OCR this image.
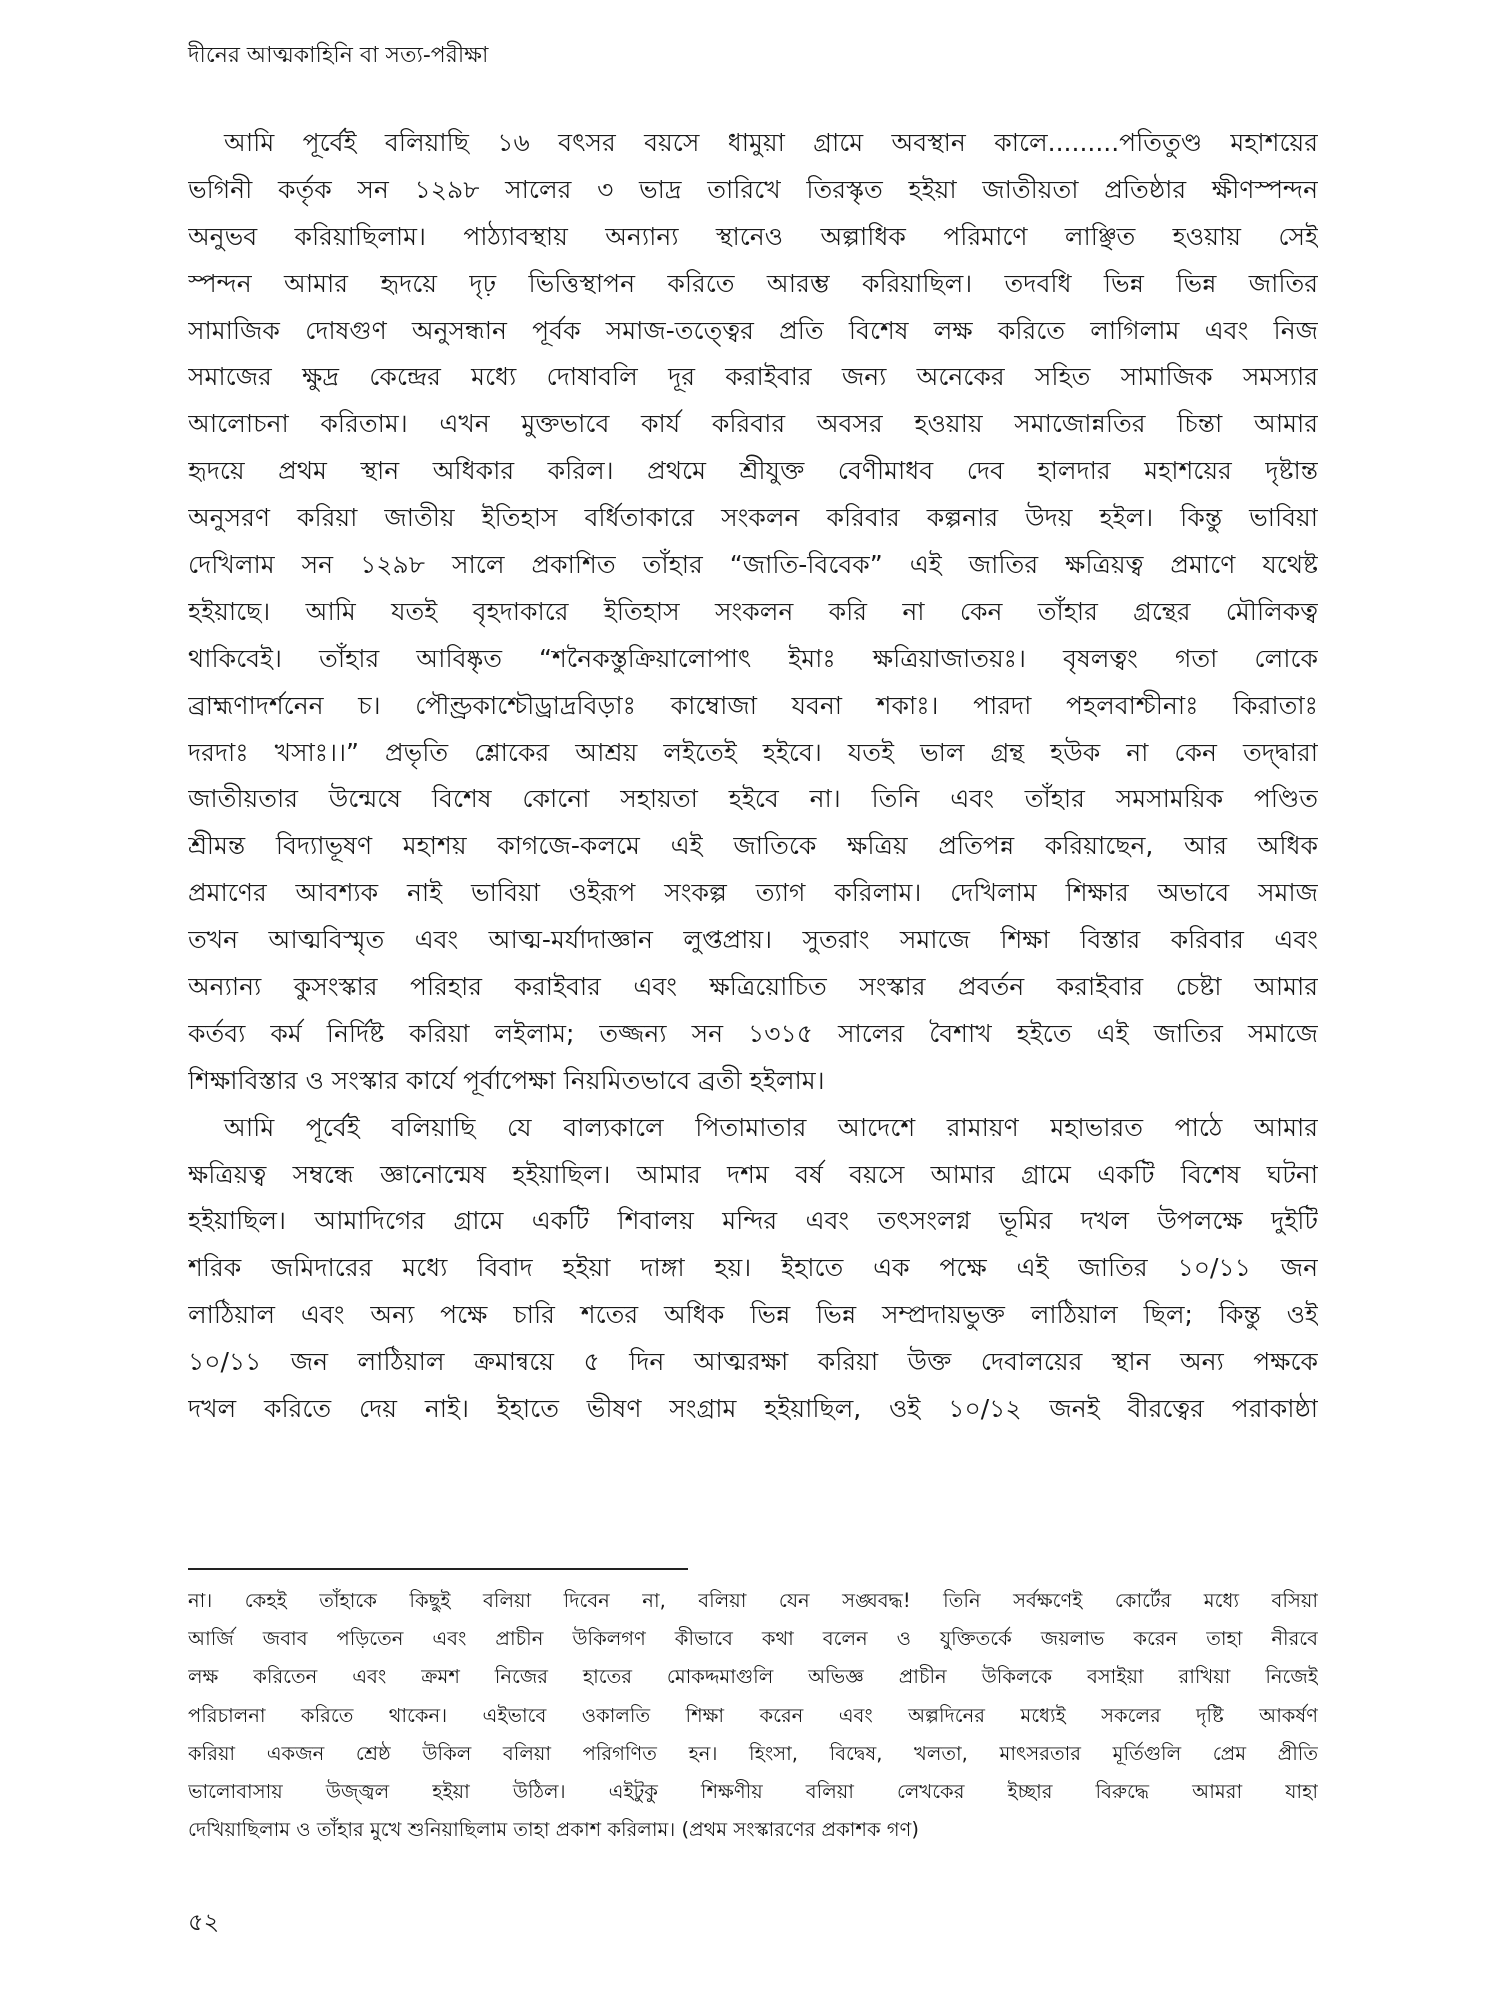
দীনের আত্মকাহিনি বা সত্য-পরীক্ষা
আমি পূর্বেই বলিয়াছি ১৬ বৎসর বয়সে ধামুয়া গ্রামে অবস্থান কালে.........পতিতুণ্ড মহাশয়ের
ভগিনী কর্তৃক সন ১২৯৮ সালের ৩ ভাদ্র তারিখে তিরস্কৃত হইয়া জাতীয়তা প্রতিষ্ঠার ক্ষীণস্পন্দন
অনুভব করিয়াছিলাম। পাঠ্যাবস্থায় অন্যান্য স্থানেও অল্পাধিক পরিমাণে লাঞ্ছিত হওয়ায় সেই
স্পন্দন আমার হৃদয়ে দৃঢ় ভিত্তিস্থাপন করিতে আরম্ভ করিয়াছিল। তদবধি ভিন্ন ভিন্ন জাতির
সামাজিক দোষগুণ অনুসন্ধান পূর্বক সমাজ-তত্ত্বের প্রতি বিশেষ লক্ষ করিতে লাগিলাম এবং নিজ
সমাজের ক্ষুদ্র কেন্দ্রের মধ্যে দোষাবলি দূর করাইবার জন্য অনেকের সহিত সামাজিক সমস্যার
আলোচনা করিতাম। এখন মুক্তভাবে কার্য করিবার অবসর হওয়ায় সমাজোন্নতির চিন্তা আমার
হৃদয়ে প্রথম স্থান অধিকার করিল। প্রথমে শ্রীযুক্ত বেণীমাধব দেব হালদার মহাশয়ের দৃষ্টান্ত
অনুসরণ করিয়া জাতীয় ইতিহাস বর্ধিতাকারে সংকলন করিবার কল্পনার উদয় হইল। কিন্তু ভাবিয়া
দেখিলাম সন ১২৯৮ সালে প্রকাশিত তাঁহার “জাতি-বিবেক” এই জাতির ক্ষত্রিয়ত্ব প্রমাণে যথেষ্ট
হইয়াছে। আমি যতই বৃহদাকারে ইতিহাস সংকলন করি না কেন তাঁহার গ্রন্থের মৌলিকত্ব
থাকিবেই। তাঁহার আবিষ্কৃত “শনৈকস্তুক্রিয়ালোপাৎ ইমাঃ ক্ষত্রিয়াজাতয়ঃ। বৃষলত্বং গতা লোকে
ব্রাহ্মণাদর্শনেন চ। পৌণ্ড্রকাশ্চৌড্রাদ্রবিড়াঃ কাম্বোজা যবনা শকাঃ। পারদা পহলবাশ্চীনাঃ কিরাতাঃ
দরদাঃ খসাঃ।।” প্রভৃতি শ্লোকের আশ্রয় লইতেই হইবে। যতই ভাল গ্রন্থ হউক না কেন তদ্দ্বারা
জাতীয়তার উন্মেষে বিশেষ কোনো সহায়তা হইবে না। তিনি এবং তাঁহার সমসাময়িক পণ্ডিত
শ্রীমন্ত বিদ্যাভূষণ মহাশয় কাগজে-কলমে এই জাতিকে ক্ষত্রিয় প্রতিপন্ন করিয়াছেন, আর অধিক
প্রমাণের আবশ্যক নাই ভাবিয়া ওইরূপ সংকল্প ত্যাগ করিলাম। দেখিলাম শিক্ষার অভাবে সমাজ
তখন আত্মবিস্মৃত এবং আত্ম-মর্যাদাজ্ঞান লুপ্তপ্রায়। সুতরাং সমাজে শিক্ষা বিস্তার করিবার এবং
অন্যান্য কুসংস্কার পরিহার করাইবার এবং ক্ষত্রিয়োচিত সংস্কার প্রবর্তন করাইবার চেষ্টা আমার
কর্তব্য কর্ম নির্দিষ্ট করিয়া লইলাম; তজ্জন্য সন ১৩১৫ সালের বৈশাখ হইতে এই জাতির সমাজে
শিক্ষাবিস্তার ও সংস্কার কার্যে পূর্বাপেক্ষা নিয়মিতভাবে ব্রতী হইলাম।
আমি পূর্বেই বলিয়াছি যে বাল্যকালে পিতামাতার আদেশে রামায়ণ মহাভারত পাঠে আমার
ক্ষত্রিয়ত্ব সম্বন্ধে জ্ঞানোন্মেষ হইয়াছিল। আমার দশম বর্ষ বয়সে আমার গ্রামে একটি বিশেষ ঘটনা
হইয়াছিল। আমাদিগের গ্রামে একটি শিবালয় মন্দির এবং তৎসংলগ্ন ভূমির দখল উপলক্ষে দুইটি
শরিক জমিদারের মধ্যে বিবাদ হইয়া দাঙ্গা হয়। ইহাতে এক পক্ষে এই জাতির ১০/১১ জন
লাঠিয়াল এবং অন্য পক্ষে চারি শতের অধিক ভিন্ন ভিন্ন সম্প্রদায়ভুক্ত লাঠিয়াল ছিল; কিন্তু ওই
১০/১১ জন লাঠিয়াল ক্রমান্বয়ে ৫ দিন আত্মরক্ষা করিয়া উক্ত দেবালয়ের স্থান অন্য পক্ষকে
দখল করিতে দেয় নাই। ইহাতে ভীষণ সংগ্রাম হইয়াছিল, ওই ১০/১২ জনই বীরত্বের পরাকাষ্ঠা
না। কেহই তাঁহাকে কিছুই বলিয়া দিবেন না, বলিয়া যেন সঙ্ঘবদ্ধ! তিনি সর্বক্ষণেই কোর্টের মধ্যে বসিয়া
আর্জি জবাব পড়িতেন এবং প্রাচীন উকিলগণ কীভাবে কথা বলেন ও যুক্তিতর্কে জয়লাভ করেন তাহা নীরবে
লক্ষ করিতেন এবং ক্রমশ নিজের হাতের মোকদ্দমাগুলি অভিজ্ঞ প্রাচীন উকিলকে বসাইয়া রাখিয়া নিজেই
পরিচালনা করিতে থাকেন। এইভাবে ওকালতি শিক্ষা করেন এবং অল্পদিনের মধ্যেই সকলের দৃষ্টি আকর্ষণ
করিয়া একজন শ্রেষ্ঠ উকিল বলিয়া পরিগণিত হন। হিংসা, বিদ্বেষ, খলতা, মাৎসরতার মূর্তিগুলি প্রেম প্রীতি
ভালোবাসায় উজ্জ্বল হইয়া উঠিল। এইটুকু শিক্ষণীয় বলিয়া লেখকের ইচ্ছার বিরুদ্ধে আমরা যাহা
দেখিয়াছিলাম ও তাঁহার মুখে শুনিয়াছিলাম তাহা প্রকাশ করিলাম। (প্রথম সংস্কারণের প্রকাশক গণ)
৫২
